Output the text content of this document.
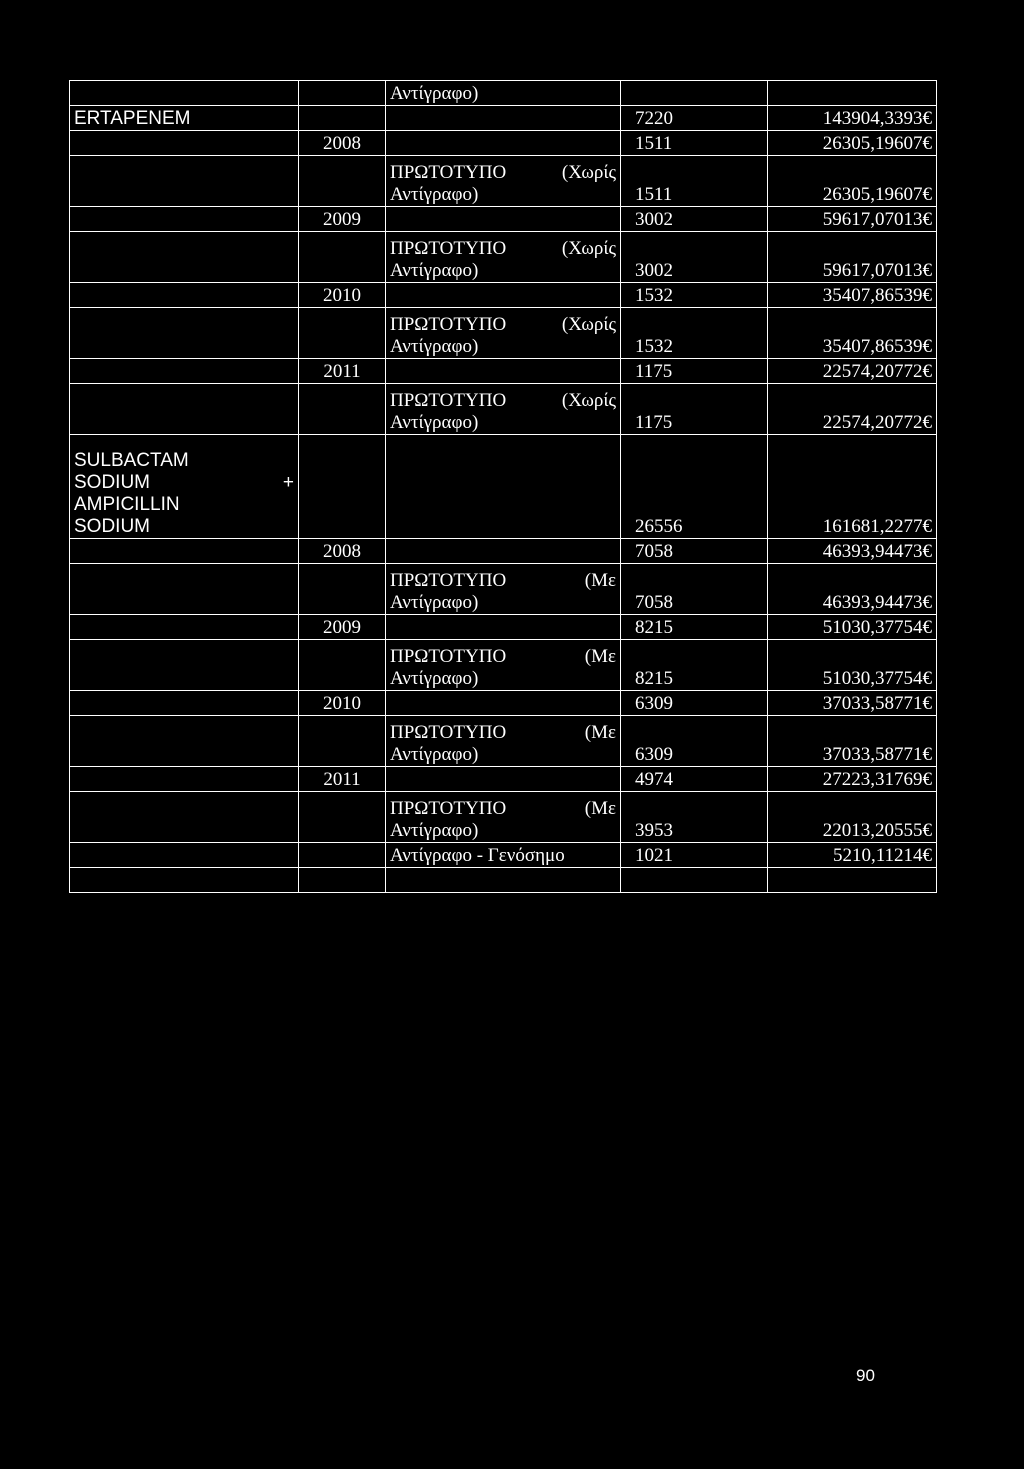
		Αντίγραφο)		

ERTAPENEM			7220	143904,3393€
	2008		1511	26305,19607€

		ΠΡΩΤΟΤΥΠΟ (Χωρίς
Αντίγραφο)	1511	26305,19607€
	2009		3002	59617,07013€

		ΠΡΩΤΟΤΥΠΟ (Χωρίς
Αντίγραφο)	3002	59617,07013€
	2010		1532	35407,86539€

		ΠΡΩΤΟΤΥΠΟ (Χωρίς
Αντίγραφο)	1532	35407,86539€
	2011		1175	22574,20772€

		ΠΡΩΤΟΤΥΠΟ (Χωρίς
Αντίγραφο)	1175	22574,20772€

SULBACTAM
SODIUM +
AMPICILLIN
SODIUM			26556	161681,2277€
	2008		7058	46393,94473€

		ΠΡΩΤΟΤΥΠΟ (Με
Αντίγραφο)	7058	46393,94473€
	2009		8215	51030,37754€

		ΠΡΩΤΟΤΥΠΟ (Με
Αντίγραφο)	8215	51030,37754€
	2010		6309	37033,58771€

		ΠΡΩΤΟΤΥΠΟ (Με
Αντίγραφο)	6309	37033,58771€
	2011		4974	27223,31769€

		ΠΡΩΤΟΤΥΠΟ (Με
Αντίγραφο)	3953	22013,20555€

		Αντίγραφο - Γενόσημο	1021	5210,11214€

90
